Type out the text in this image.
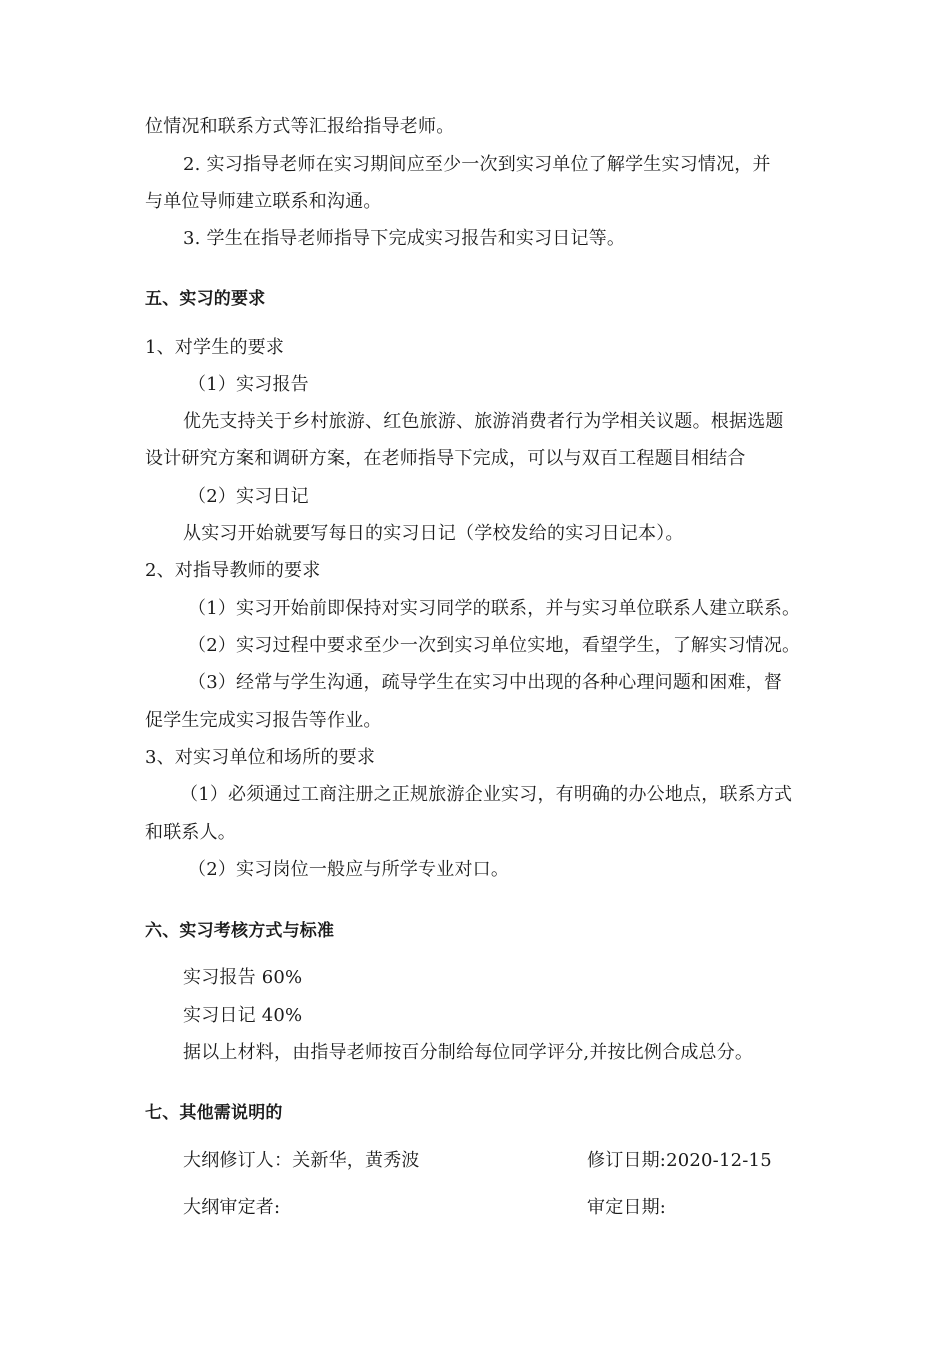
位情况和联系方式等汇报给指导老师。
2. 实习指导老师在实习期间应至少一次到实习单位了解学生实习情况，并
与单位导师建立联系和沟通。
3. 学生在指导老师指导下完成实习报告和实习日记等。
五、实习的要求
1、对学生的要求
（1）实习报告
优先支持关于乡村旅游、红色旅游、旅游消费者行为学相关议题。根据选题
设计研究方案和调研方案，在老师指导下完成，可以与双百工程题目相结合
（2）实习日记
从实习开始就要写每日的实习日记（学校发给的实习日记本）。
2、对指导教师的要求
（1）实习开始前即保持对实习同学的联系，并与实习单位联系人建立联系。
（2）实习过程中要求至少一次到实习单位实地，看望学生，了解实习情况。
（3）经常与学生沟通，疏导学生在实习中出现的各种心理问题和困难，督
促学生完成实习报告等作业。
3、对实习单位和场所的要求
（1）必须通过工商注册之正规旅游企业实习，有明确的办公地点，联系方式
和联系人。
（2）实习岗位一般应与所学专业对口。
六、实习考核方式与标准
实习报告 60%
实习日记 40%
据以上材料，由指导老师按百分制给每位同学评分,并按比例合成总分。
七、其他需说明的
大纲修订人：关新华，黄秀波	修订日期:2020-12-15
大纲审定者:	审定日期:
